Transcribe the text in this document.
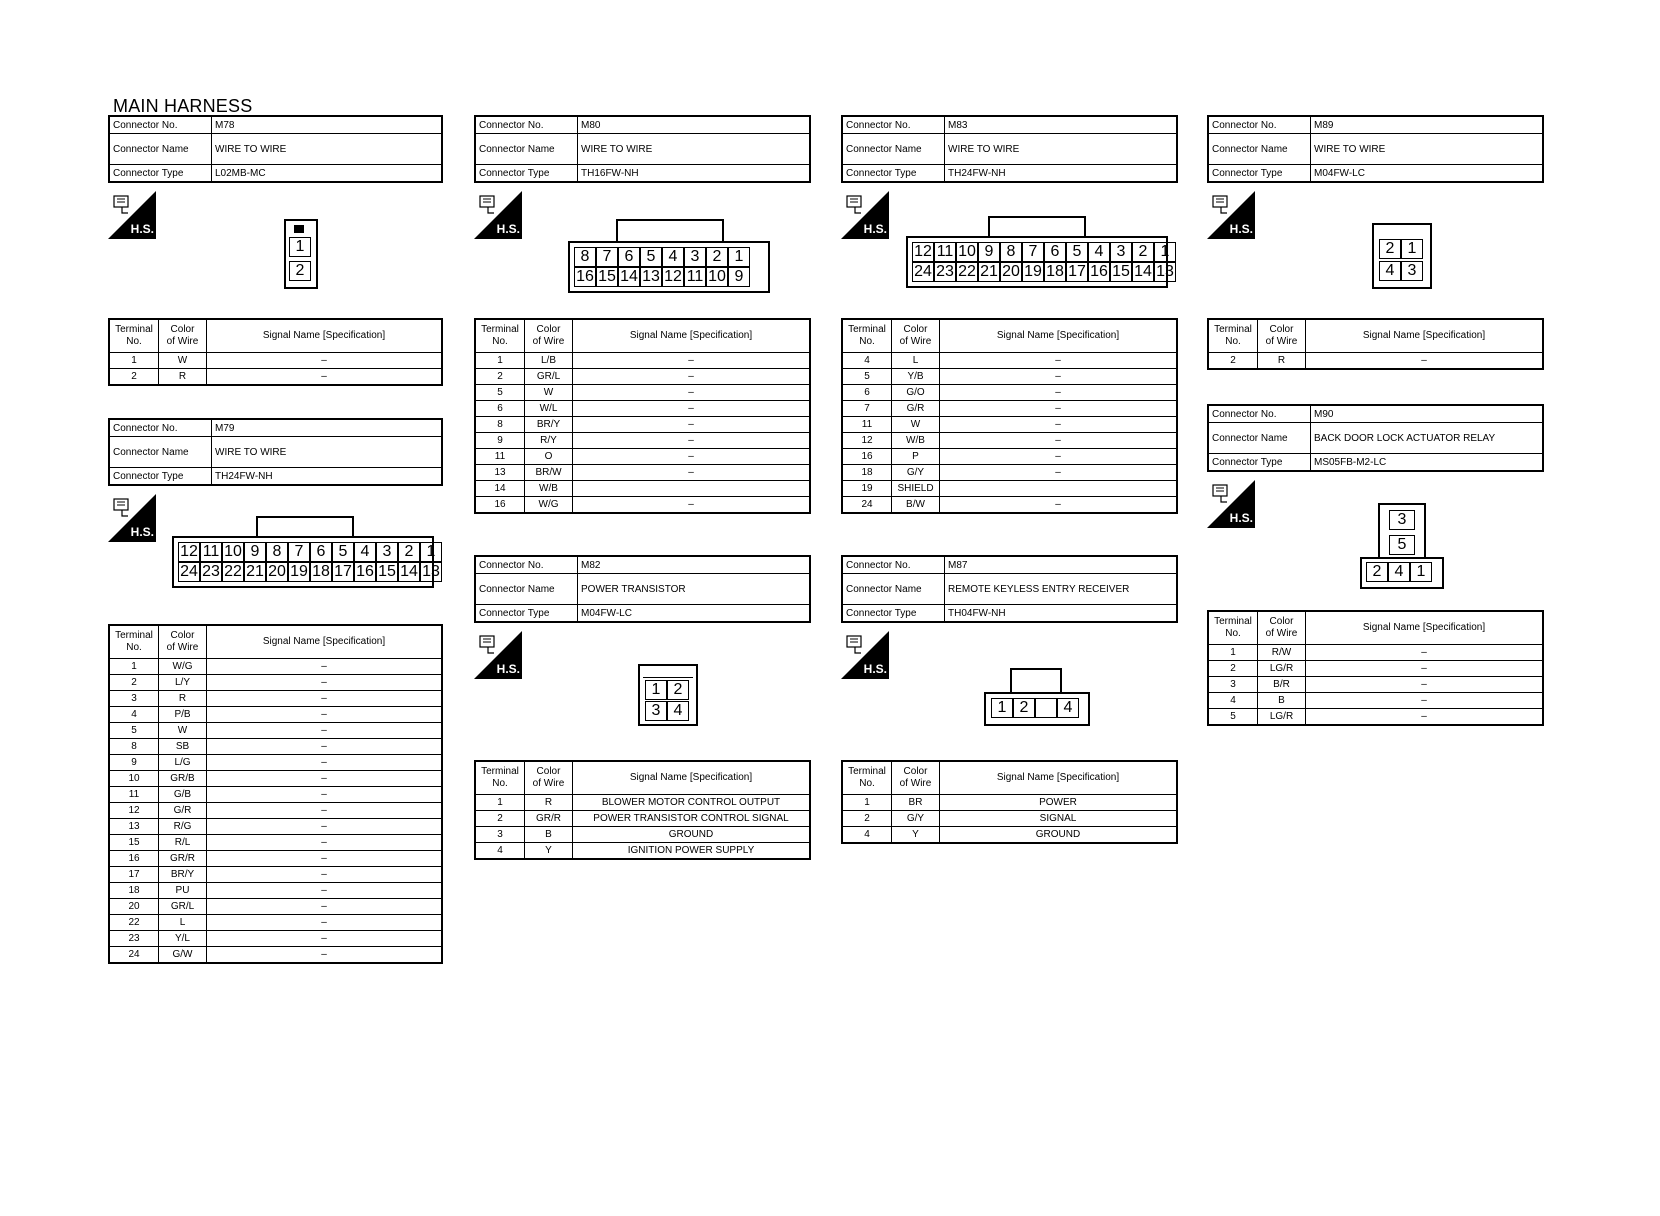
MAIN HARNESS
Connector No.	M78
Connector Name	WIRE TO WIRE
Connector Type	L02MB-MC
H.S.
1
2
Terminal
No.	Color
of Wire	Signal Name [Specification]
1	W	–
2	R	–
Connector No.	M79
Connector Name	WIRE TO WIRE
Connector Type	TH24FW-NH
H.S.
12 11 10 9 8 7 6 5 4 3 2 1
24 23 22 21 20 19 18 17 16 15 14 13
Terminal
No.	Color
of Wire	Signal Name [Specification]
1	W/G	–
2	L/Y	–
3	R	–
4	P/B	–
5	W	–
8	SB	–
9	L/G	–
10	GR/B	–
11	G/B	–
12	G/R	–
13	R/G	–
15	R/L	–
16	GR/R	–
17	BR/Y	–
18	PU	–
20	GR/L	–
22	L	–
23	Y/L	–
24	G/W	–
Connector No.	M80
Connector Name	WIRE TO WIRE
Connector Type	TH16FW-NH
H.S.
8 7 6 5 4 3 2 1
16 15 14 13 12 11 10 9
Terminal
No.	Color
of Wire	Signal Name [Specification]
1	L/B	–
2	GR/L	–
5	W	–
6	W/L	–
8	BR/Y	–
9	R/Y	–
11	O	–
13	BR/W	–
14	W/B	
16	W/G	–
Connector No.	M82
Connector Name	POWER TRANSISTOR
Connector Type	M04FW-LC
H.S.
1 2
3 4
Terminal
No.	Color
of Wire	Signal Name [Specification]
1	R	BLOWER MOTOR CONTROL OUTPUT
2	GR/R	POWER TRANSISTOR CONTROL SIGNAL
3	B	GROUND
4	Y	IGNITION POWER SUPPLY
Connector No.	M83
Connector Name	WIRE TO WIRE
Connector Type	TH24FW-NH
H.S.
12 11 10 9 8 7 6 5 4 3 2 1
24 23 22 21 20 19 18 17 16 15 14 13
Terminal
No.	Color
of Wire	Signal Name [Specification]
4	L	–
5	Y/B	–
6	G/O	–
7	G/R	–
11	W	–
12	W/B	–
16	P	–
18	G/Y	–
19	SHIELD	
24	B/W	–
Connector No.	M87
Connector Name	REMOTE KEYLESS ENTRY RECEIVER
Connector Type	TH04FW-NH
H.S.
1 2	4
Terminal
No.	Color
of Wire	Signal Name [Specification]
1	BR	POWER
2	G/Y	SIGNAL
4	Y	GROUND
Connector No.	M89
Connector Name	WIRE TO WIRE
Connector Type	M04FW-LC
H.S.
2 1
4 3
Terminal
No.	Color
of Wire	Signal Name [Specification]
2	R	–
Connector No.	M90
Connector Name	BACK DOOR LOCK ACTUATOR RELAY
Connector Type	MS05FB-M2-LC
H.S.	3
5
2 4 1
Terminal
No.	Color
of Wire	Signal Name [Specification]
1	R/W	–
2	LG/R	–
3	B/R	–
4	B	–
5	LG/R	–
